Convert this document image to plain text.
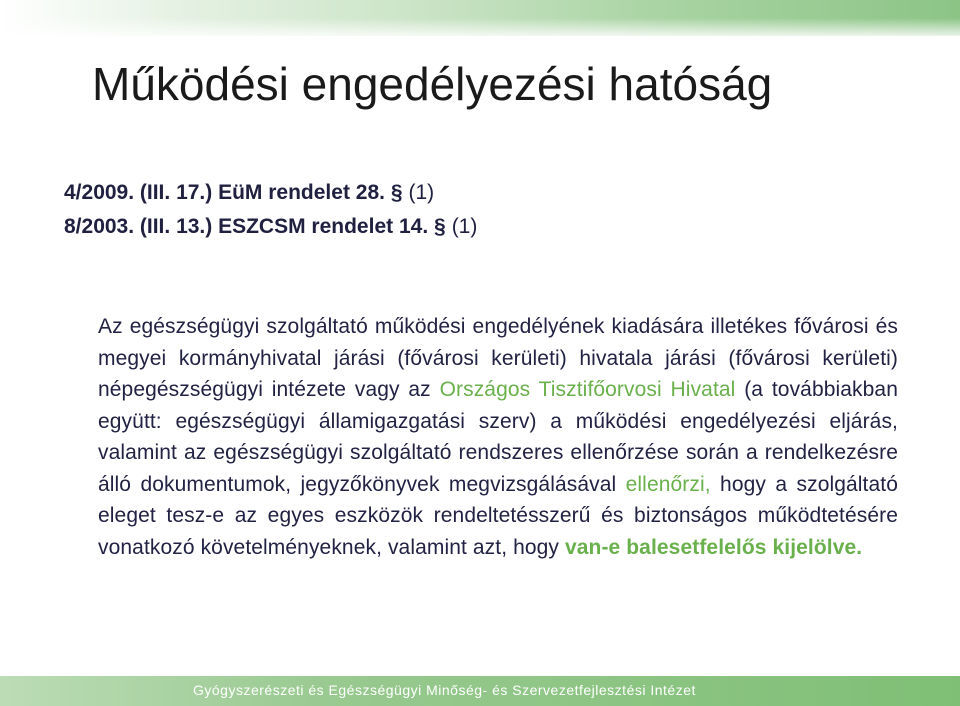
Működési engedélyezési hatóság
4/2009. (III. 17.) EüM rendelet 28. § (1)
8/2003. (III. 13.) ESZCSM rendelet 14. § (1)

Az egészségügyi szolgáltató működési engedélyének kiadására illetékes fővárosi és megyei kormányhivatal járási (fővárosi kerületi) hivatala járási (fővárosi kerületi) népegészségügyi intézete vagy az Országos Tisztifőorvosi Hivatal (a továbbiakban együtt: egészségügyi államigazgatási szerv) a működési engedélyezési eljárás, valamint az egészségügyi szolgáltató rendszeres ellenőrzése során a rendelkezésre álló dokumentumok, jegyzőkönyvek megvizsgálásával ellenőrzi, hogy a szolgáltató eleget tesz-e az egyes eszközök rendeltetésszerű és biztonságos működtetésére vonatkozó követelményeknek, valamint azt, hogy van-e balesetfelelős kijelölve.

Gyógyszerészeti és Egészségügyi Minőség- és Szervezetfejlesztési Intézet
